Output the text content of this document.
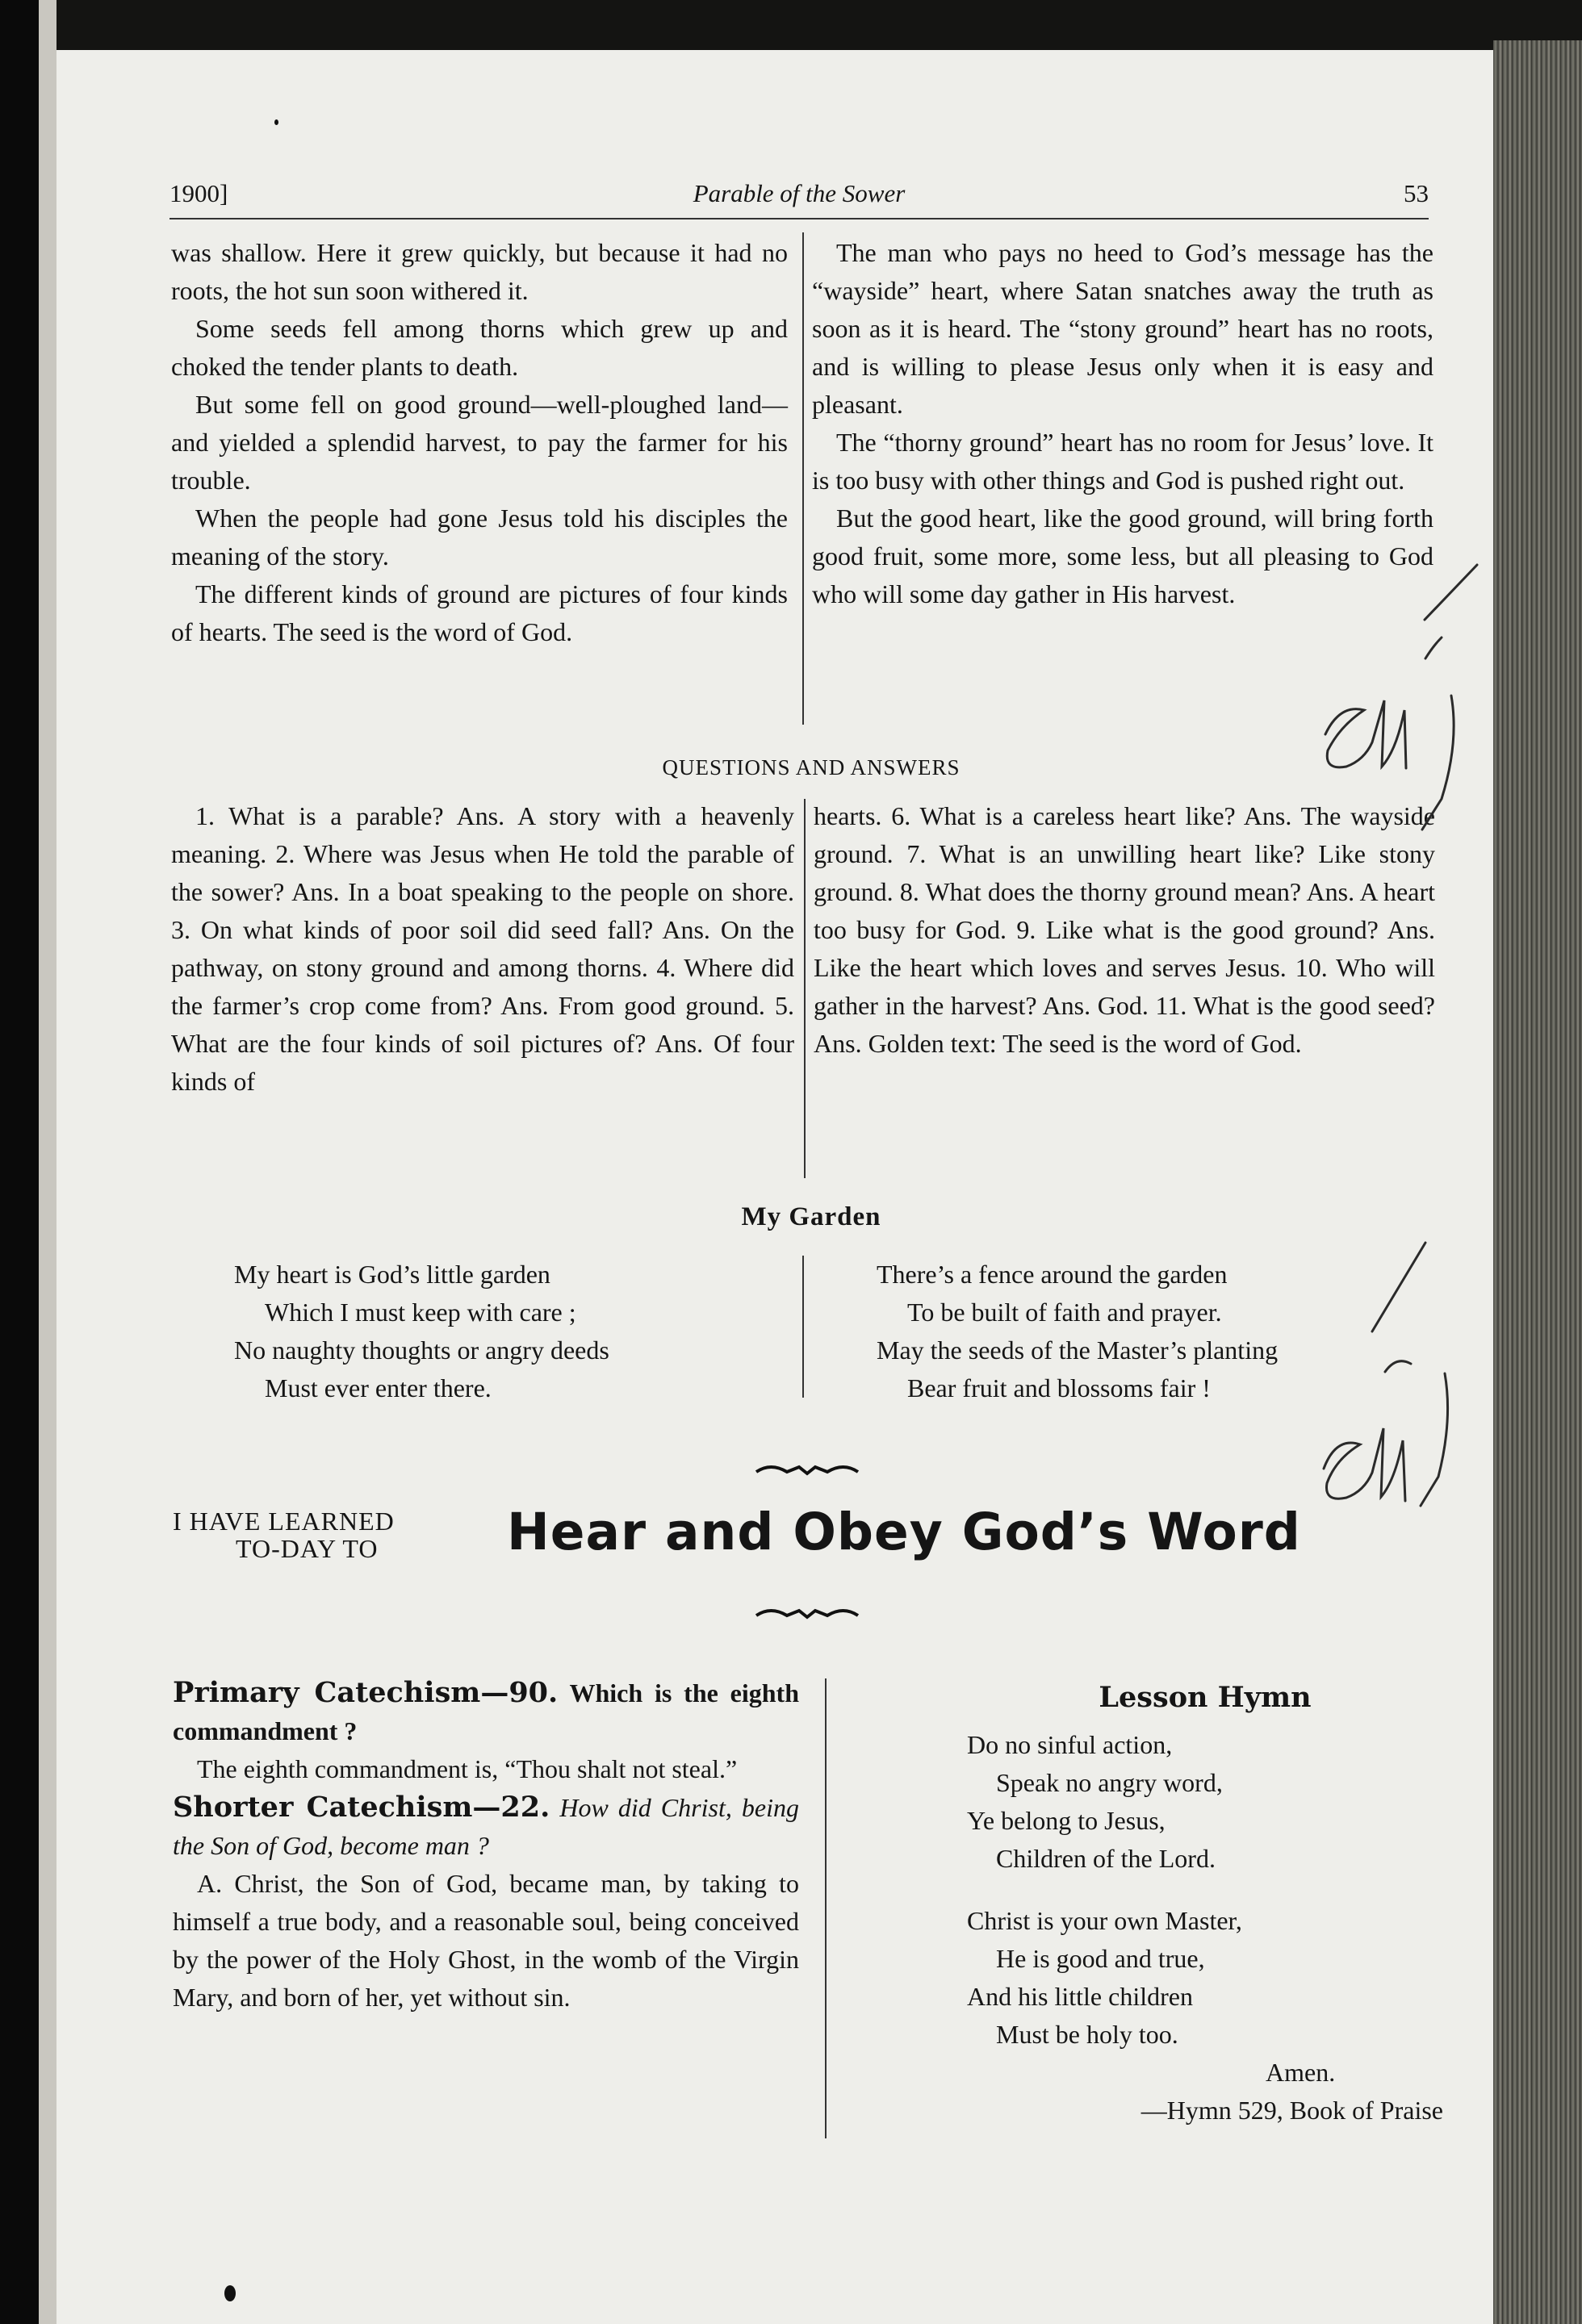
1900]	Parable of the Sower	53

was shallow. Here it grew quickly, but because it had no roots, the hot sun soon withered it.

Some seeds fell among thorns which grew up and choked the tender plants to death.

But some fell on good ground—well-ploughed land—and yielded a splendid harvest, to pay the farmer for his trouble.

When the people had gone Jesus told his disciples the meaning of the story.

The different kinds of ground are pictures of four kinds of hearts. The seed is the word of God.

The man who pays no heed to God’s message has the “wayside” heart, where Satan snatches away the truth as soon as it is heard. The “stony ground” heart has no roots, and is willing to please Jesus only when it is easy and pleasant.

The “thorny ground” heart has no room for Jesus’ love. It is too busy with other things and God is pushed right out.

But the good heart, like the good ground, will bring forth good fruit, some more, some less, but all pleasing to God who will some day gather in His harvest.

QUESTIONS AND ANSWERS

1. What is a parable? Ans. A story with a heavenly meaning. 2. Where was Jesus when He told the parable of the sower? Ans. In a boat speaking to the people on shore. 3. On what kinds of poor soil did seed fall? Ans. On the pathway, on stony ground and among thorns. 4. Where did the farmer’s crop come from? Ans. From good ground. 5. What are the four kinds of soil pictures of? Ans. Of four kinds of

hearts. 6. What is a careless heart like? Ans. The wayside ground. 7. What is an unwilling heart like? Like stony ground. 8. What does the thorny ground mean? Ans. A heart too busy for God. 9. Like what is the good ground? Ans. Like the heart which loves and serves Jesus. 10. Who will gather in the harvest? Ans. God. 11. What is the good seed? Ans. Golden text: The seed is the word of God.

My Garden
My heart is God’s little garden
Which I must keep with care ;
No naughty thoughts or angry deeds
Must ever enter there.
There’s a fence around the garden
To be built of faith and prayer.
May the seeds of the Master’s planting
Bear fruit and blossoms fair !
I HAVE LEARNED
TO-DAY TO	Hear and Obey God’s Word

Primary Catechism—90. Which is the eighth commandment ?

The eighth commandment is, “Thou shalt not steal.”

Shorter Catechism—22. How did Christ, being the Son of God, become man ?

A. Christ, the Son of God, became man, by taking to himself a true body, and a reasonable soul, being conceived by the power of the Holy Ghost, in the womb of the Virgin Mary, and born of her, yet without sin.

Lesson Hymn
Do no sinful action,
Speak no angry word,
Ye belong to Jesus,
Children of the Lord.
Christ is your own Master,
He is good and true,
And his little children
Must be holy too.
Amen.
—Hymn 529, Book of Praise
